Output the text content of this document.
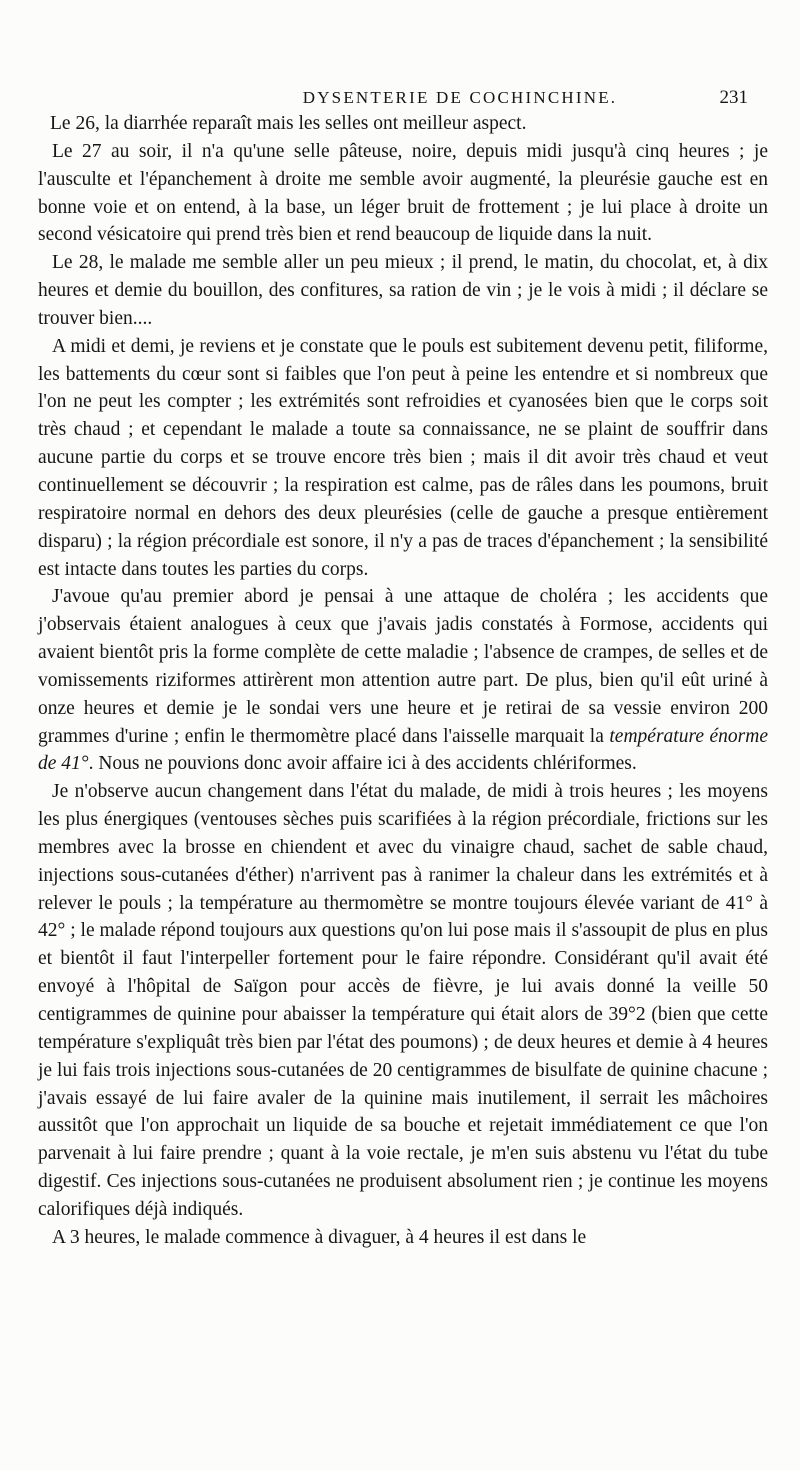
DYSENTERIE DE COCHINCHINE.	231

Le 26, la diarrhée reparaît mais les selles ont meilleur aspect.

Le 27 au soir, il n'a qu'une selle pâteuse, noire, depuis midi jusqu'à cinq heures ; je l'ausculte et l'épanchement à droite me semble avoir augmenté, la pleurésie gauche est en bonne voie et on entend, à la base, un léger bruit de frottement ; je lui place à droite un second vésicatoire qui prend très bien et rend beaucoup de liquide dans la nuit.

Le 28, le malade me semble aller un peu mieux ; il prend, le matin, du chocolat, et, à dix heures et demie du bouillon, des confitures, sa ration de vin ; je le vois à midi ; il déclare se trouver bien....

A midi et demi, je reviens et je constate que le pouls est subitement devenu petit, filiforme, les battements du cœur sont si faibles que l'on peut à peine les entendre et si nombreux que l'on ne peut les compter ; les extrémités sont refroidies et cyanosées bien que le corps soit très chaud ; et cependant le malade a toute sa connaissance, ne se plaint de souffrir dans aucune partie du corps et se trouve encore très bien ; mais il dit avoir très chaud et veut continuellement se découvrir ; la respiration est calme, pas de râles dans les poumons, bruit respiratoire normal en dehors des deux pleurésies (celle de gauche a presque entièrement disparu) ; la région précordiale est sonore, il n'y a pas de traces d'épanchement ; la sensibilité est intacte dans toutes les parties du corps.

J'avoue qu'au premier abord je pensai à une attaque de choléra ; les accidents que j'observais étaient analogues à ceux que j'avais jadis constatés à Formose, accidents qui avaient bientôt pris la forme complète de cette maladie ; l'absence de crampes, de selles et de vomissements riziformes attirèrent mon attention autre part. De plus, bien qu'il eût uriné à onze heures et demie je le sondai vers une heure et je retirai de sa vessie environ 200 grammes d'urine ; enfin le thermomètre placé dans l'aisselle marquait la température énorme de 41°. Nous ne pouvions donc avoir affaire ici à des accidents chlériformes.

Je n'observe aucun changement dans l'état du malade, de midi à trois heures ; les moyens les plus énergiques (ventouses sèches puis scarifiées à la région précordiale, frictions sur les membres avec la brosse en chiendent et avec du vinaigre chaud, sachet de sable chaud, injections sous-cutanées d'éther) n'arrivent pas à ranimer la chaleur dans les extrémités et à relever le pouls ; la température au thermomètre se montre toujours élevée variant de 41° à 42° ; le malade répond toujours aux questions qu'on lui pose mais il s'assoupit de plus en plus et bientôt il faut l'interpeller fortement pour le faire répondre. Considérant qu'il avait été envoyé à l'hôpital de Saïgon pour accès de fièvre, je lui avais donné la veille 50 centigrammes de quinine pour abaisser la température qui était alors de 39°2 (bien que cette température s'expliquât très bien par l'état des poumons) ; de deux heures et demie à 4 heures je lui fais trois injections sous-cutanées de 20 centigrammes de bisulfate de quinine chacune ; j'avais essayé de lui faire avaler de la quinine mais inutilement, il serrait les mâchoires aussitôt que l'on approchait un liquide de sa bouche et rejetait immédiatement ce que l'on parvenait à lui faire prendre ; quant à la voie rectale, je m'en suis abstenu vu l'état du tube digestif. Ces injections sous-cutanées ne produisent absolument rien ; je continue les moyens calorifiques déjà indiqués.

A 3 heures, le malade commence à divaguer, à 4 heures il est dans le
